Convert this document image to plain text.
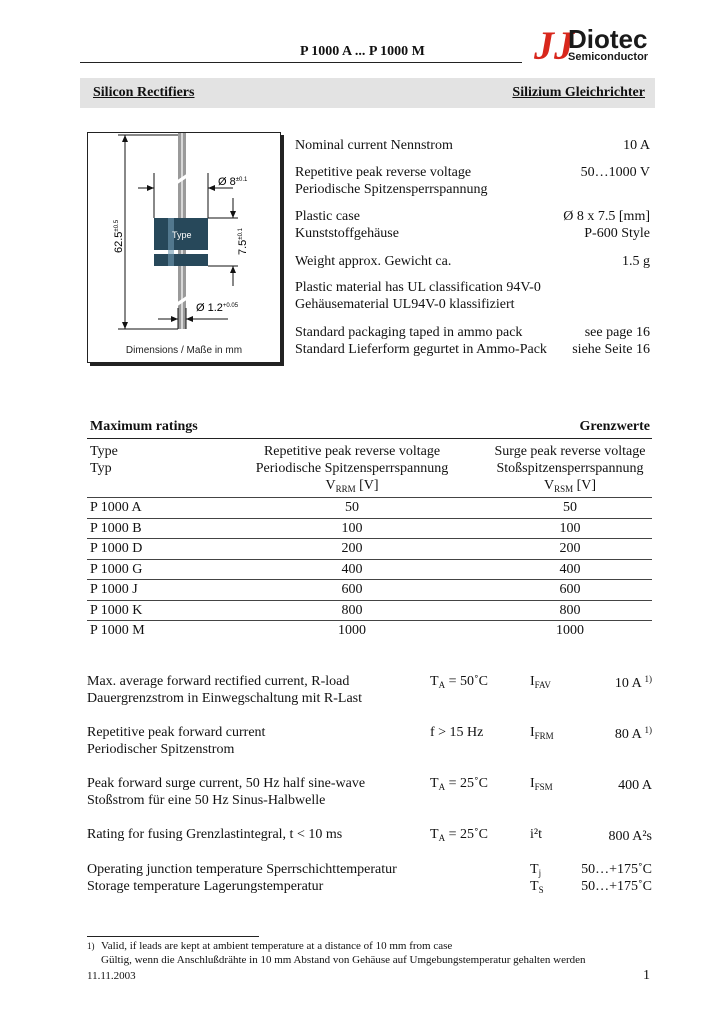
P 1000 A ... P 1000 M	JJ
Diotec
Semiconductor
Silicon Rectifiers	Silizium Gleichrichter
Type
Ø $8^{\pm 0.1}$
$7.5^{\pm 0.1}$
$62.5^{\pm 0.5}$
Ø $1.2^{+0.05}$
Dimensions / Maße in mm
Nominal current Nennstrom	10 A
Repetitive peak reverse voltage
Periodische Spitzensperrspannung
50…1000 V
Plastic case
Kunststoffgehäuse
Ø 8 x 7.5 [mm]
P-600 Style
Weight approx. Gewicht ca.	1.5 g
Plastic material has UL classification 94V-0
Gehäusematerial UL94V-0 klassifiziert
Standard packaging taped in ammo pack
Standard Lieferform gegurtet in Ammo-Pack
see page 16
siehe Seite 16
Maximum ratings	Grenzwerte
Type
Typ
Repetitive peak reverse voltage
Periodische Spitzensperrspannung
$V_{RRM}$ [V]
Surge peak reverse voltage
Stoßspitzensperrspannung
$V_{RSM}$ [V]
P 1000 A	50	50
P 1000 B	100	100
P 1000 D	200	200
P 1000 G	400	400
P 1000 J	600	600
P 1000 K	800	800
P 1000 M	1000	1000
Max. average forward rectified current, R-load
Dauergrenzstrom in Einwegschaltung mit R-Last
$T_A$ = 50˚C	$I_{FAV}$	10 A $^{1)}$
Repetitive peak forward current
Periodischer Spitzenstrom
f > 15 Hz	$I_{FRM}$	80 A $^{1)}$
Peak forward surge current, 50 Hz half sine-wave
Stoßstrom für eine 50 Hz Sinus-Halbwelle
$T_A$ = 25˚C	$I_{FSM}$	400 A
Rating for fusing Grenzlastintegral, t < 10 ms	$T_A$ = 25˚C	i²t	800 A²s
Operating junction temperature Sperrschichttemperatur	$T_j$	50…+175˚C
Storage temperature Lagerungstemperatur	$T_S$	50…+175˚C
1) Valid, if leads are kept at ambient temperature at a distance of 10 mm from case
Gültig, wenn die Anschlußdrähte in 10 mm Abstand von Gehäuse auf Umgebungstemperatur gehalten werden
11.11.2003	1
